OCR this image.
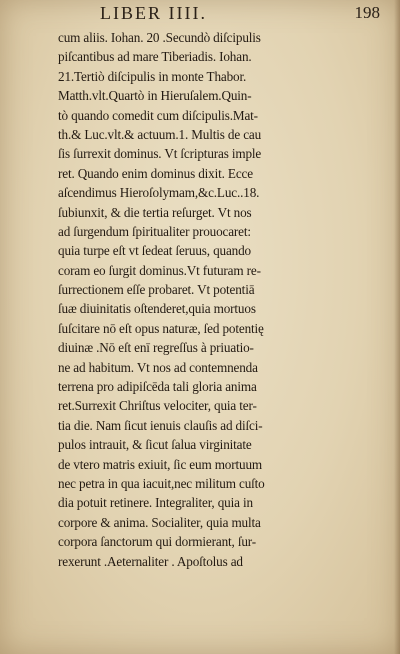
LIBER IIII.	198
cum aliis. Iohan. 20 .Secundò diſcipulis
piſcantibus ad mare Tiberiadis. Iohan.
21.Tertiò diſcipulis in monte Thabor.
Matth.vlt.Quartò in Hieruſalem.Quin-
tò quando comedit cum diſcipulis.Mat-
th.& Luc.vlt.& actuum.1. Multis de cau
ſis ſurrexit dominus. Vt ſcripturas imple
ret. Quando enim dominus dixit. Ecce
aſcendimus Hieroſolymam,&c.Luc..18.
ſubiunxit, & die tertia reſurget. Vt nos
ad ſurgendum ſpiritualiter prouocaret:
quia turpe eſt vt ſedeat ſeruus, quando
coram eo ſurgit dominus.Vt futuram re-
ſurrectionem eſſe probaret. Vt potentiā
ſuæ diuinitatis oſtenderet,quia mortuos
ſuſcitare nō eſt opus naturæ, ſed potentię
diuinæ .Nō eſt enī regreſſus à priuatio-
ne ad habitum. Vt nos ad contemnenda
terrena pro adipiſcēda tali gloria anima
ret.Surrexit Chriſtus velociter, quia ter-
tia die. Nam ſicut ienuis clauſis ad diſci-
pulos intrauit, & ſicut ſalua virginitate
de vtero matris exiuit, ſic eum mortuum
nec petra in qua iacuit,nec militum cuſto
dia potuit retinere. Integraliter, quia in
corpore & anima. Socialiter, quia multa
corpora ſanctorum qui dormierant, ſur-
rexerunt .Aeternaliter . Apoſtolus ad
